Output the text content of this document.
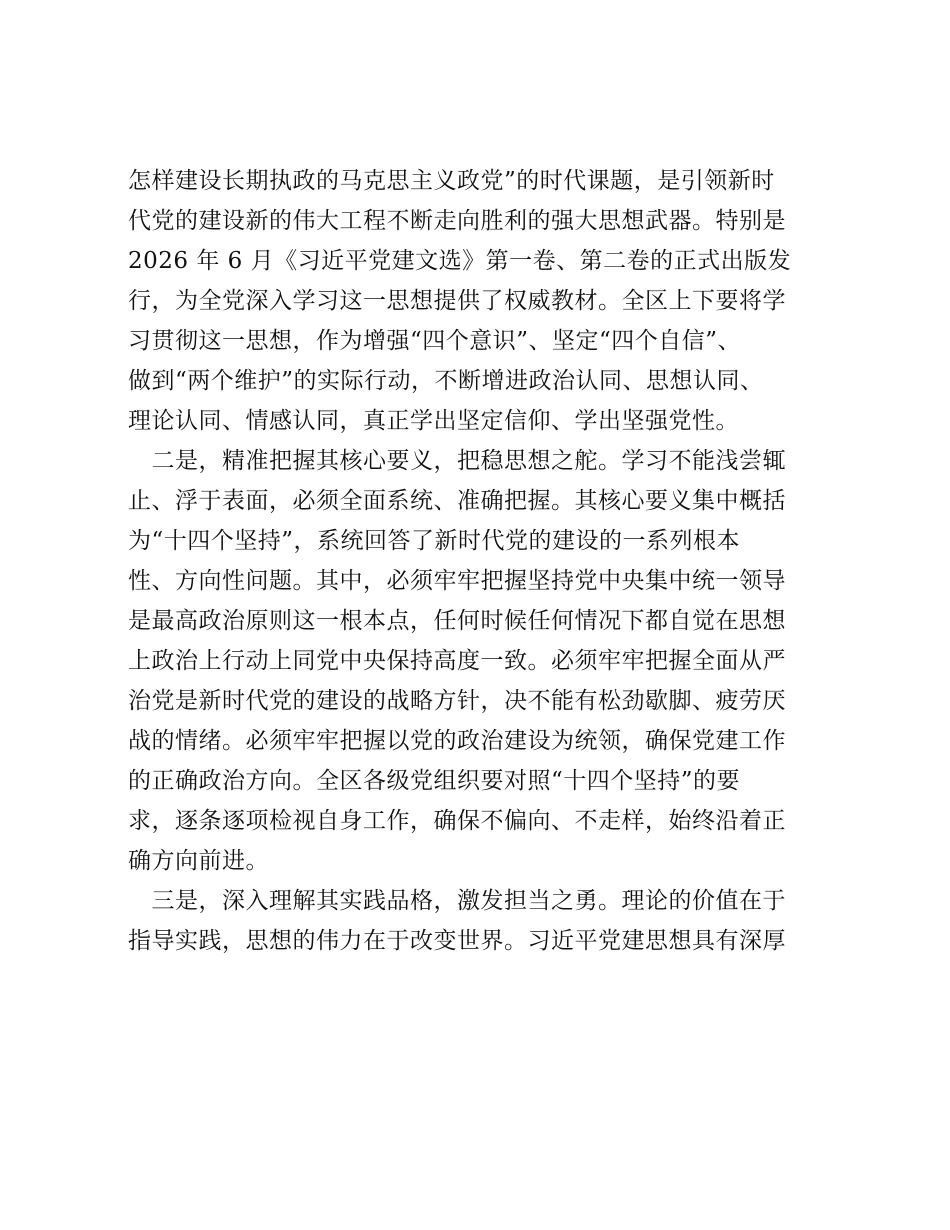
怎样建设长期执政的马克思主义政党”的时代课题，是引领新时
代党的建设新的伟大工程不断走向胜利的强大思想武器。特别是
2026 年 6 月《习近平党建文选》第一卷、第二卷的正式出版发
行，为全党深入学习这一思想提供了权威教材。全区上下要将学
习贯彻这一思想，作为增强“四个意识”、坚定“四个自信”、
做到“两个维护”的实际行动，不断增进政治认同、思想认同、
理论认同、情感认同，真正学出坚定信仰、学出坚强党性。
　二是，精准把握其核心要义，把稳思想之舵。学习不能浅尝辄
止、浮于表面，必须全面系统、准确把握。其核心要义集中概括
为“十四个坚持”，系统回答了新时代党的建设的一系列根本
性、方向性问题。其中，必须牢牢把握坚持党中央集中统一领导
是最高政治原则这一根本点，任何时候任何情况下都自觉在思想
上政治上行动上同党中央保持高度一致。必须牢牢把握全面从严
治党是新时代党的建设的战略方针，决不能有松劲歇脚、疲劳厌
战的情绪。必须牢牢把握以党的政治建设为统领，确保党建工作
的正确政治方向。全区各级党组织要对照“十四个坚持”的要
求，逐条逐项检视自身工作，确保不偏向、不走样，始终沿着正
确方向前进。
　三是，深入理解其实践品格，激发担当之勇。理论的价值在于
指导实践，思想的伟力在于改变世界。习近平党建思想具有深厚
